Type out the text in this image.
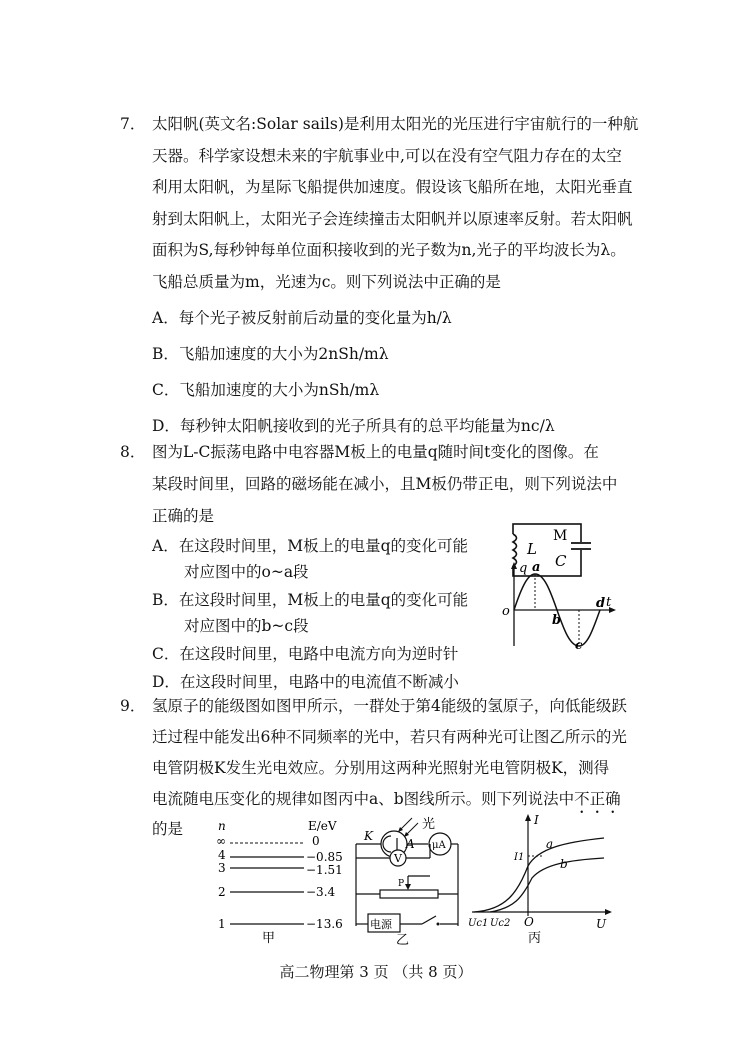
7． 太阳帆(英文名:Solar sails)是利用太阳光的光压进行宇宙航行的一种航
天器。科学家设想未来的宇航事业中,可以在没有空气阻力存在的太空
利用太阳帆，为星际飞船提供加速度。假设该飞船所在地，太阳光垂直
射到太阳帆上，太阳光子会连续撞击太阳帆并以原速率反射。若太阳帆
面积为S,每秒钟每单位面积接收到的光子数为n,光子的平均波长为λ。
飞船总质量为m，光速为c。则下列说法中正确的是
A．每个光子被反射前后动量的变化量为h/λ
B．飞船加速度的大小为2nSh/mλ
C．飞船加速度的大小为nSh/mλ
D．每秒钟太阳帆接收到的光子所具有的总平均能量为nc/λ
8． 图为L-C振荡电路中电容器M板上的电量q随时间t变化的图像。在
某段时间里，回路的磁场能在减小，且M板仍带正电，则下列说法中
正确的是
A．在这段时间里，M板上的电量q的变化可能
对应图中的o~a段
B．在这段时间里，M板上的电量q的变化可能
对应图中的b~c段
C．在这段时间里，电路中电流方向为逆时针
D．在这段时间里，电路中的电流值不断减小
L
M
C
q
t
o
a
b
c
d
9． 氢原子的能级图如图甲所示，一群处于第4能级的氢原子，向低能级跃
迁过程中能发出6种不同频率的光中，若只有两种光可让图乙所示的光
电管阴极K发生光电效应。分别用这两种光照射光电管阴极K，测得
电流随电压变化的规律如图丙中a、b图线所示。则下列说法中不正确
的是	n	E/eV
∞	0
4	−0.85
3	−1.51
2	−3.4
1	−13.6
甲
光
K
A μA
V
P
电源
乙
I
U
I1
a
b
Uc1 Uc2 O
丙
高二物理第 3 页 （共 8 页）
